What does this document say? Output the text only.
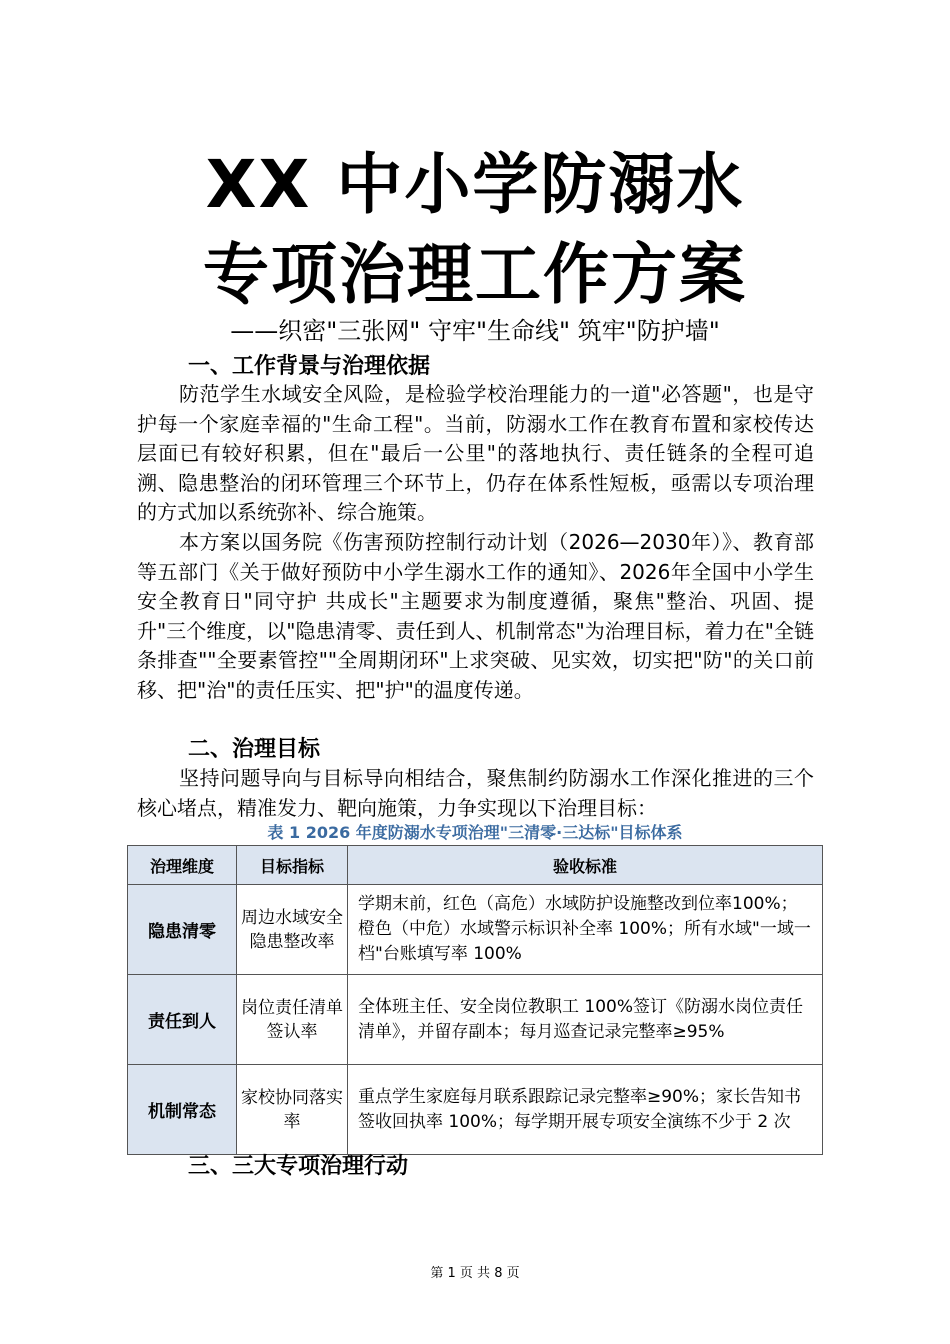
XX 中小学防溺水
专项治理工作方案
——织密"三张网" 守牢"生命线" 筑牢"防护墙"
一、工作背景与治理依据

防范学生水域安全风险，是检验学校治理能力的一道"必答题"，也是守护每一个家庭幸福的"生命工程"。当前，防溺水工作在教育布置和家校传达层面已有较好积累，但在"最后一公里"的落地执行、责任链条的全程可追溯、隐患整治的闭环管理三个环节上，仍存在体系性短板，亟需以专项治理的方式加以系统弥补、综合施策。

本方案以国务院《伤害预防控制行动计划（2026—2030年）》、教育部等五部门《关于做好预防中小学生溺水工作的通知》、2026年全国中小学生安全教育日"同守护 共成长"主题要求为制度遵循，聚焦"整治、巩固、提升"三个维度，以"隐患清零、责任到人、机制常态"为治理目标，着力在"全链条排查""全要素管控""全周期闭环"上求突破、见实效，切实把"防"的关口前移、把"治"的责任压实、把"护"的温度传递。

二、治理目标

坚持问题导向与目标导向相结合，聚焦制约防溺水工作深化推进的三个核心堵点，精准发力、靶向施策，力争实现以下治理目标：

表 1 2026 年度防溺水专项治理"三清零·三达标"目标体系
治理维度	目标指标	验收标准
隐患清零	周边水域安全隐患整改率	学期末前，红色（高危）水域防护设施整改到位率100%；橙色（中危）水域警示标识补全率 100%；所有水域"一域一档"台账填写率 100%
责任到人	岗位责任清单签认率	全体班主任、安全岗位教职工 100%签订《防溺水岗位责任清单》，并留存副本；每月巡查记录完整率≥95%
机制常态	家校协同落实率	重点学生家庭每月联系跟踪记录完整率≥90%；家长告知书签收回执率 100%；每学期开展专项安全演练不少于 2 次
三、三大专项治理行动
第 1 页 共 8 页
